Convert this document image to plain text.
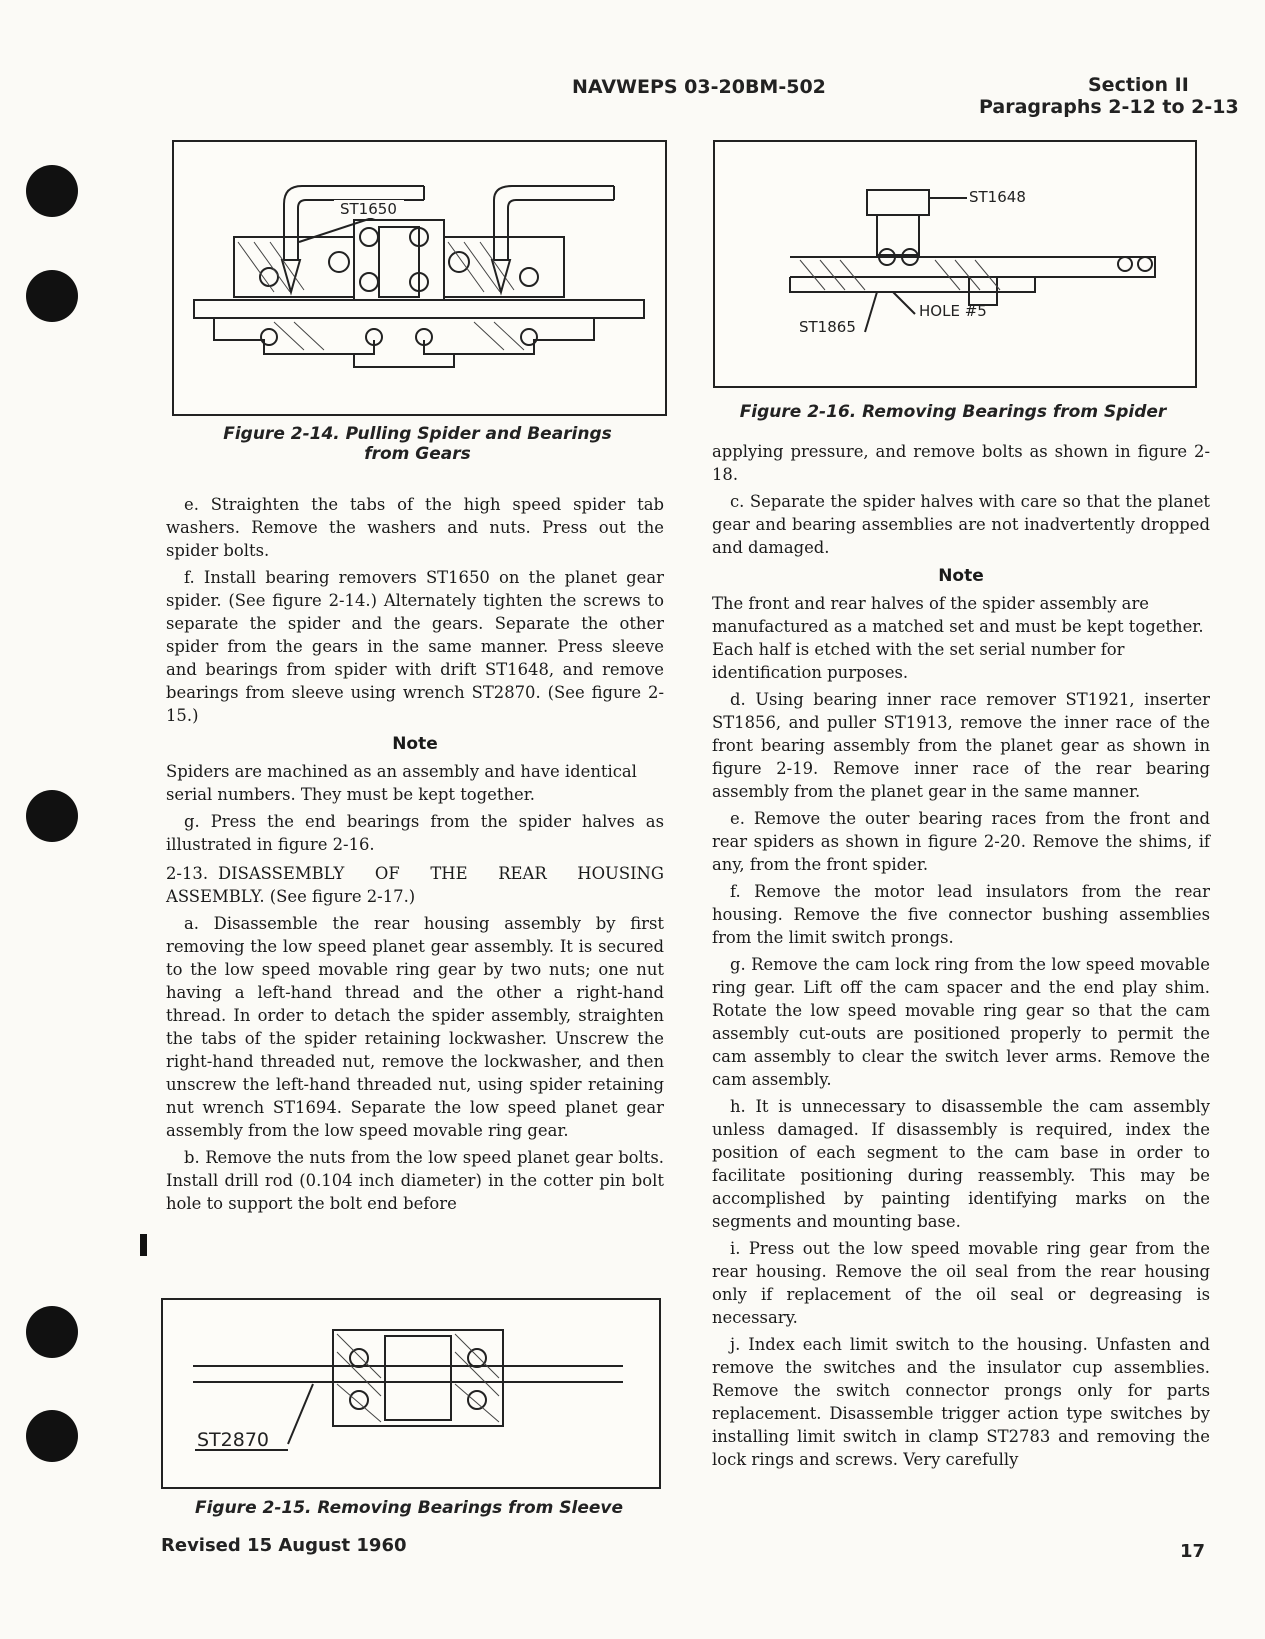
NAVWEPS 03-20BM-502	Section II
Paragraphs 2-12 to 2-13
ST1650
Figure 2-14. Pulling Spider and Bearings
from Gears
ST1648
ST1865
HOLE #5
Figure 2-16. Removing Bearings from Spider
ST2870
Figure 2-15. Removing Bearings from Sleeve

e. Straighten the tabs of the high speed spider tab washers. Remove the washers and nuts. Press out the spider bolts.

f. Install bearing removers ST1650 on the planet gear spider. (See figure 2-14.) Alternately tighten the screws to separate the spider and the gears. Separate the other spider from the gears in the same manner. Press sleeve and bearings from spider with drift ST1648, and remove bearings from sleeve using wrench ST2870. (See figure 2-15.)

Note

Spiders are machined as an assembly and have identical serial numbers. They must be kept together.

g. Press the end bearings from the spider halves as illustrated in figure 2-16.

2-13. DISASSEMBLY OF THE REAR HOUSING ASSEMBLY. (See figure 2-17.)

a. Disassemble the rear housing assembly by first removing the low speed planet gear assembly. It is secured to the low speed movable ring gear by two nuts; one nut having a left-hand thread and the other a right-hand thread. In order to detach the spider assembly, straighten the tabs of the spider retaining lockwasher. Unscrew the right-hand threaded nut, remove the lockwasher, and then unscrew the left-hand threaded nut, using spider retaining nut wrench ST1694. Separate the low speed planet gear assembly from the low speed movable ring gear.

b. Remove the nuts from the low speed planet gear bolts. Install drill rod (0.104 inch diameter) in the cotter pin bolt hole to support the bolt end before

applying pressure, and remove bolts as shown in figure 2-18.

c. Separate the spider halves with care so that the planet gear and bearing assemblies are not inadvertently dropped and damaged.

Note

The front and rear halves of the spider assembly are manufactured as a matched set and must be kept together. Each half is etched with the set serial number for identification purposes.

d. Using bearing inner race remover ST1921, inserter ST1856, and puller ST1913, remove the inner race of the front bearing assembly from the planet gear as shown in figure 2-19. Remove inner race of the rear bearing assembly from the planet gear in the same manner.

e. Remove the outer bearing races from the front and rear spiders as shown in figure 2-20. Remove the shims, if any, from the front spider.

f. Remove the motor lead insulators from the rear housing. Remove the five connector bushing assemblies from the limit switch prongs.

g. Remove the cam lock ring from the low speed movable ring gear. Lift off the cam spacer and the end play shim. Rotate the low speed movable ring gear so that the cam assembly cut-outs are positioned properly to permit the cam assembly to clear the switch lever arms. Remove the cam assembly.

h. It is unnecessary to disassemble the cam assembly unless damaged. If disassembly is required, index the position of each segment to the cam base in order to facilitate positioning during reassembly. This may be accomplished by painting identifying marks on the segments and mounting base.

i. Press out the low speed movable ring gear from the rear housing. Remove the oil seal from the rear housing only if replacement of the oil seal or degreasing is necessary.

j. Index each limit switch to the housing. Unfasten and remove the switches and the insulator cup assemblies. Remove the switch connector prongs only for parts replacement. Disassemble trigger action type switches by installing limit switch in clamp ST2783 and removing the lock rings and screws. Very carefully

Revised 15 August 1960	17
